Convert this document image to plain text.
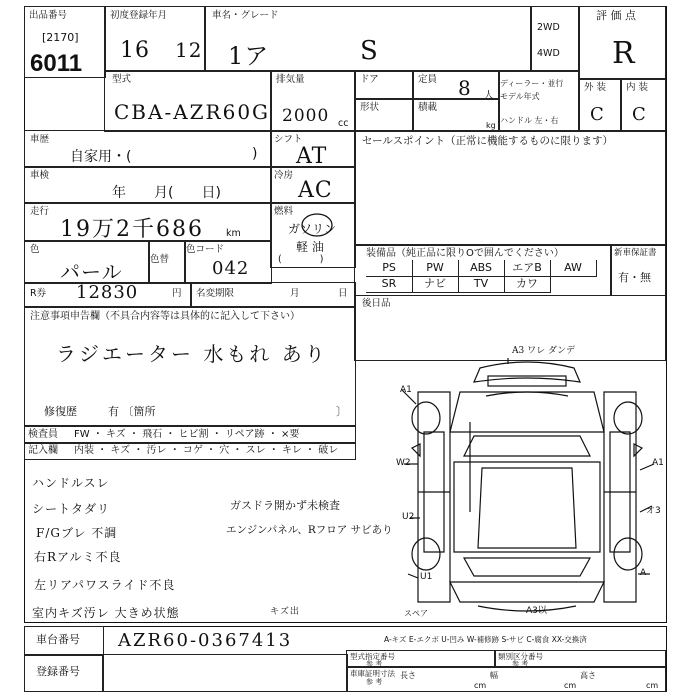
出品番号
[2170]
6011
初度登録年月
16 12
車名・グレード
1ア	S
2WD
4WD
評 価 点
R
型式
CBA-AZR60G
排気量
2000 cc
ドア	定員 8 人
形状	積載
kg
ディーラー・並行
モデル年式
ハンドル 左・右
外 装 内 装
C C
車歴
自家用・(	)
シフト
AT
車検
年　　月(　　日)
冷房
AC
走行
19万2千686 km
燃料
ガソリン
軽 油
(　　　　)
色
パール
色替
色コード
042
R券 12830	円 名変期限	月	日
セールスポイント（正常に機能するものに限ります）
装備品（純正品に限りOで囲んでください）
PS	PW	ABS	エアB	AW
SR	ナビ	TV	カワ
新車保証書
有・無
後日品
注意事項申告欄（不具合内容等は具体的に記入して下さい）
ラジエーター 水もれ あり
修復歴	有 〔箇所	〕
検査員 FW ・ キズ ・ 飛石 ・ ヒビ割 ・ リペア跡 ・ ×要
記入欄 内装 ・ キズ ・ 汚レ ・ コゲ ・ 穴 ・ スレ ・ キレ ・ 破レ
ハンドルスレ
シートタダリ
F/Gブレ 不調
右Rアルミ不良
左リアパワスライド不良
室内キズ汚レ 大きめ状態
ガスドラ開かず未検査
エンジンパネル、Rフロア サビあり
キズ出
A3 ワレ ダンデ
A1
W2
U2
U1
A1
オ3
A
スペア	A3以
車台番号 AZR60-0367413	A-キズ E-エクボ U-凹み W-補修跡 S-サビ C-腐食 XX-交換済
登録番号
型式指定番号
参 考
類別区分番号
参 考
車庫証明寸法
参 考
長さ
cm
幅
cm
高さ
cm
